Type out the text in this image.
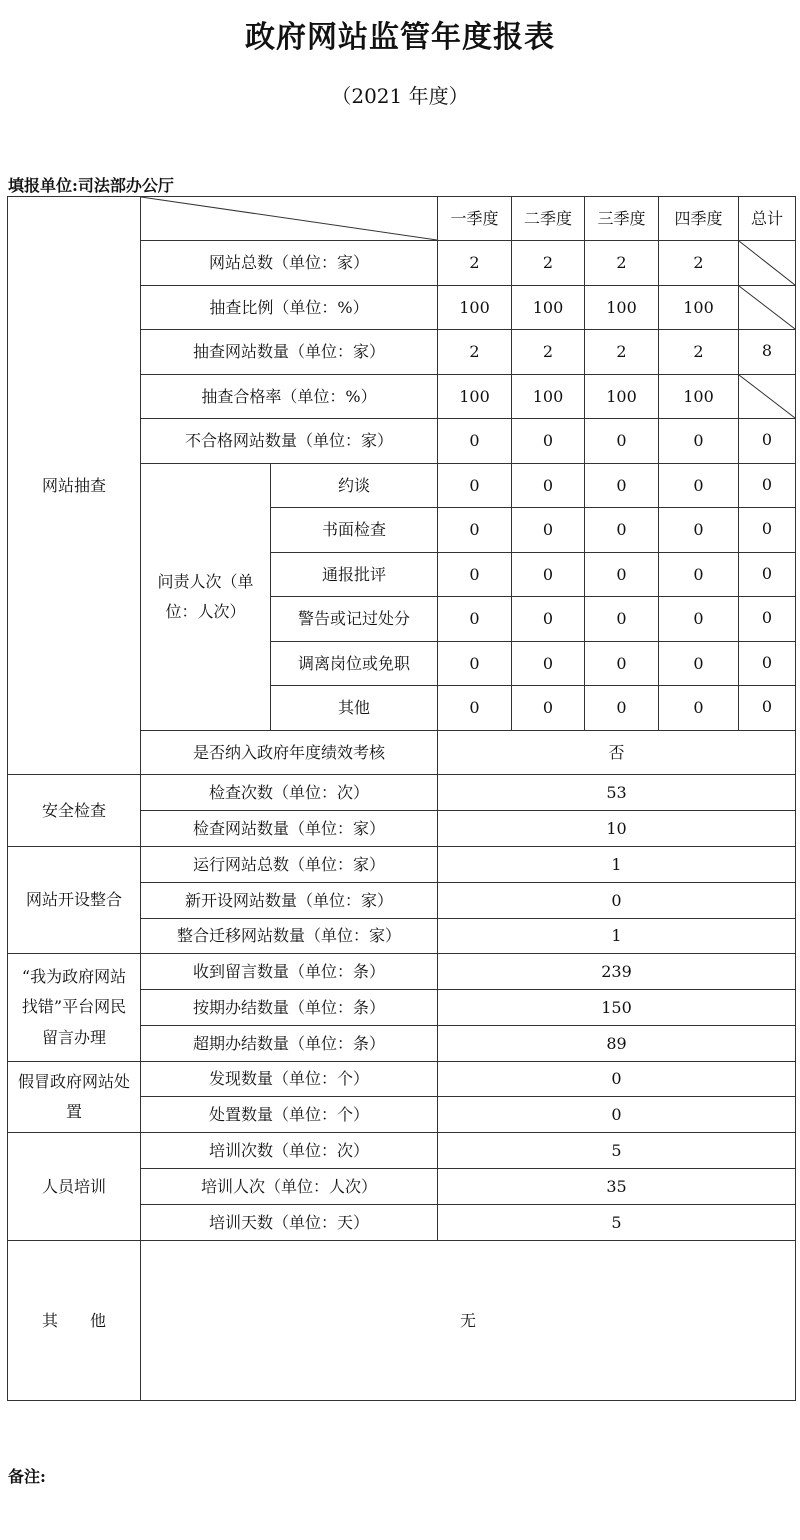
政府网站监管年度报表
（2021 年度）
填报单位:司法部办公厅
网站抽查			一季度	二季度	三季度	四季度	总计
	网站总数（单位：家）		2	2	2	2	

	抽查比例（单位：%）		100	100	100	100	

	抽查网站数量（单位：家）		2	2	2	2	8
	抽查合格率（单位：%）		100	100	100	100	

	不合格网站数量（单位：家）		0	0	0	0	0
	问责人次（单位：人次）	约谈	0	0	0	0	0
		书面检查	0	0	0	0	0
		通报批评	0	0	0	0	0
		警告或记过处分	0	0	0	0	0
		调离岗位或免职	0	0	0	0	0
		其他	0	0	0	0	0
	是否纳入政府年度绩效考核		否				
安全检查	检查次数（单位：次）		53				
	检查网站数量（单位：家）		10				
网站开设整合	运行网站总数（单位：家）		1				
	新开设网站数量（单位：家）		0				
	整合迁移网站数量（单位：家）		1				
“我为政府网站找错”平台网民留言办理	收到留言数量（单位：条）		239				
	按期办结数量（单位：条）		150				
	超期办结数量（单位：条）		89				
假冒政府网站处置	发现数量（单位：个）		0				
	处置数量（单位：个）		0				
人员培训	培训次数（单位：次）		5				
	培训人次（单位：人次）		35				
	培训天数（单位：天）		5				
其　　他	无						
备注:
